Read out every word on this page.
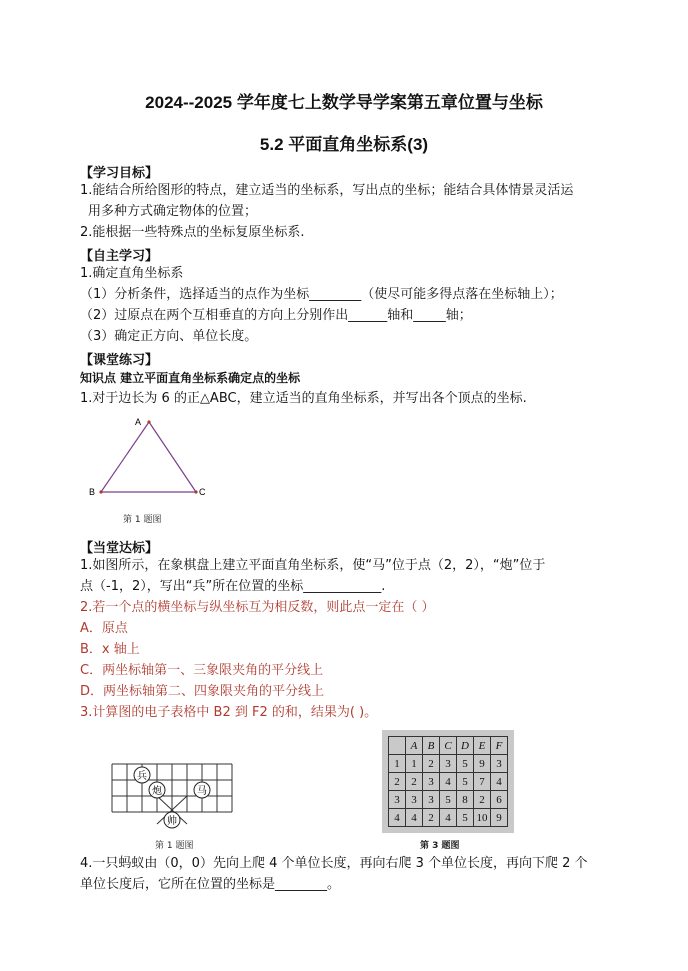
2024--2025 学年度七上数学导学案第五章位置与坐标
5.2 平面直角坐标系(3)
【学习目标】
1.能结合所给图形的特点，建立适当的坐标系，写出点的坐标；能结合具体情景灵活运
用多种方式确定物体的位置；
2.能根据一些特殊点的坐标复原坐标系.
【自主学习】
1.确定直角坐标系
（1）分析条件，选择适当的点作为坐标________（使尽可能多得点落在坐标轴上）；
（2）过原点在两个互相垂直的方向上分别作出______轴和_____轴；
（3）确定正方向、单位长度。
【课堂练习】
知识点 建立平面直角坐标系确定点的坐标
1.对于边长为 6 的正△ABC，建立适当的直角坐标系，并写出各个顶点的坐标.
A
B	C
第 1 题图
【当堂达标】
1.如图所示，在象棋盘上建立平面直角坐标系，使“马”位于点（2，2），“炮”位于
点（-1，2），写出“兵”所在位置的坐标____________.
2.若一个点的横坐标与纵坐标互为相反数，则此点一定在（ ）
A．原点
B．x 轴上
C．两坐标轴第一、三象限夹角的平分线上
D．两坐标轴第二、四象限夹角的平分线上
3.计算图的电子表格中 B2 到 F2 的和，结果为( )。
兵
炮	马
帅
第 1 题图
	A	B	C	D	E	F
1	1	2	3	5	9	3
2	2	3	4	5	7	4
3	3	3	5	8	2	6
4	4	2	4	5	10	9
第 3 题图
4.一只蚂蚁由（0，0）先向上爬 4 个单位长度，再向右爬 3 个单位长度，再向下爬 2 个
单位长度后，它所在位置的坐标是________。
